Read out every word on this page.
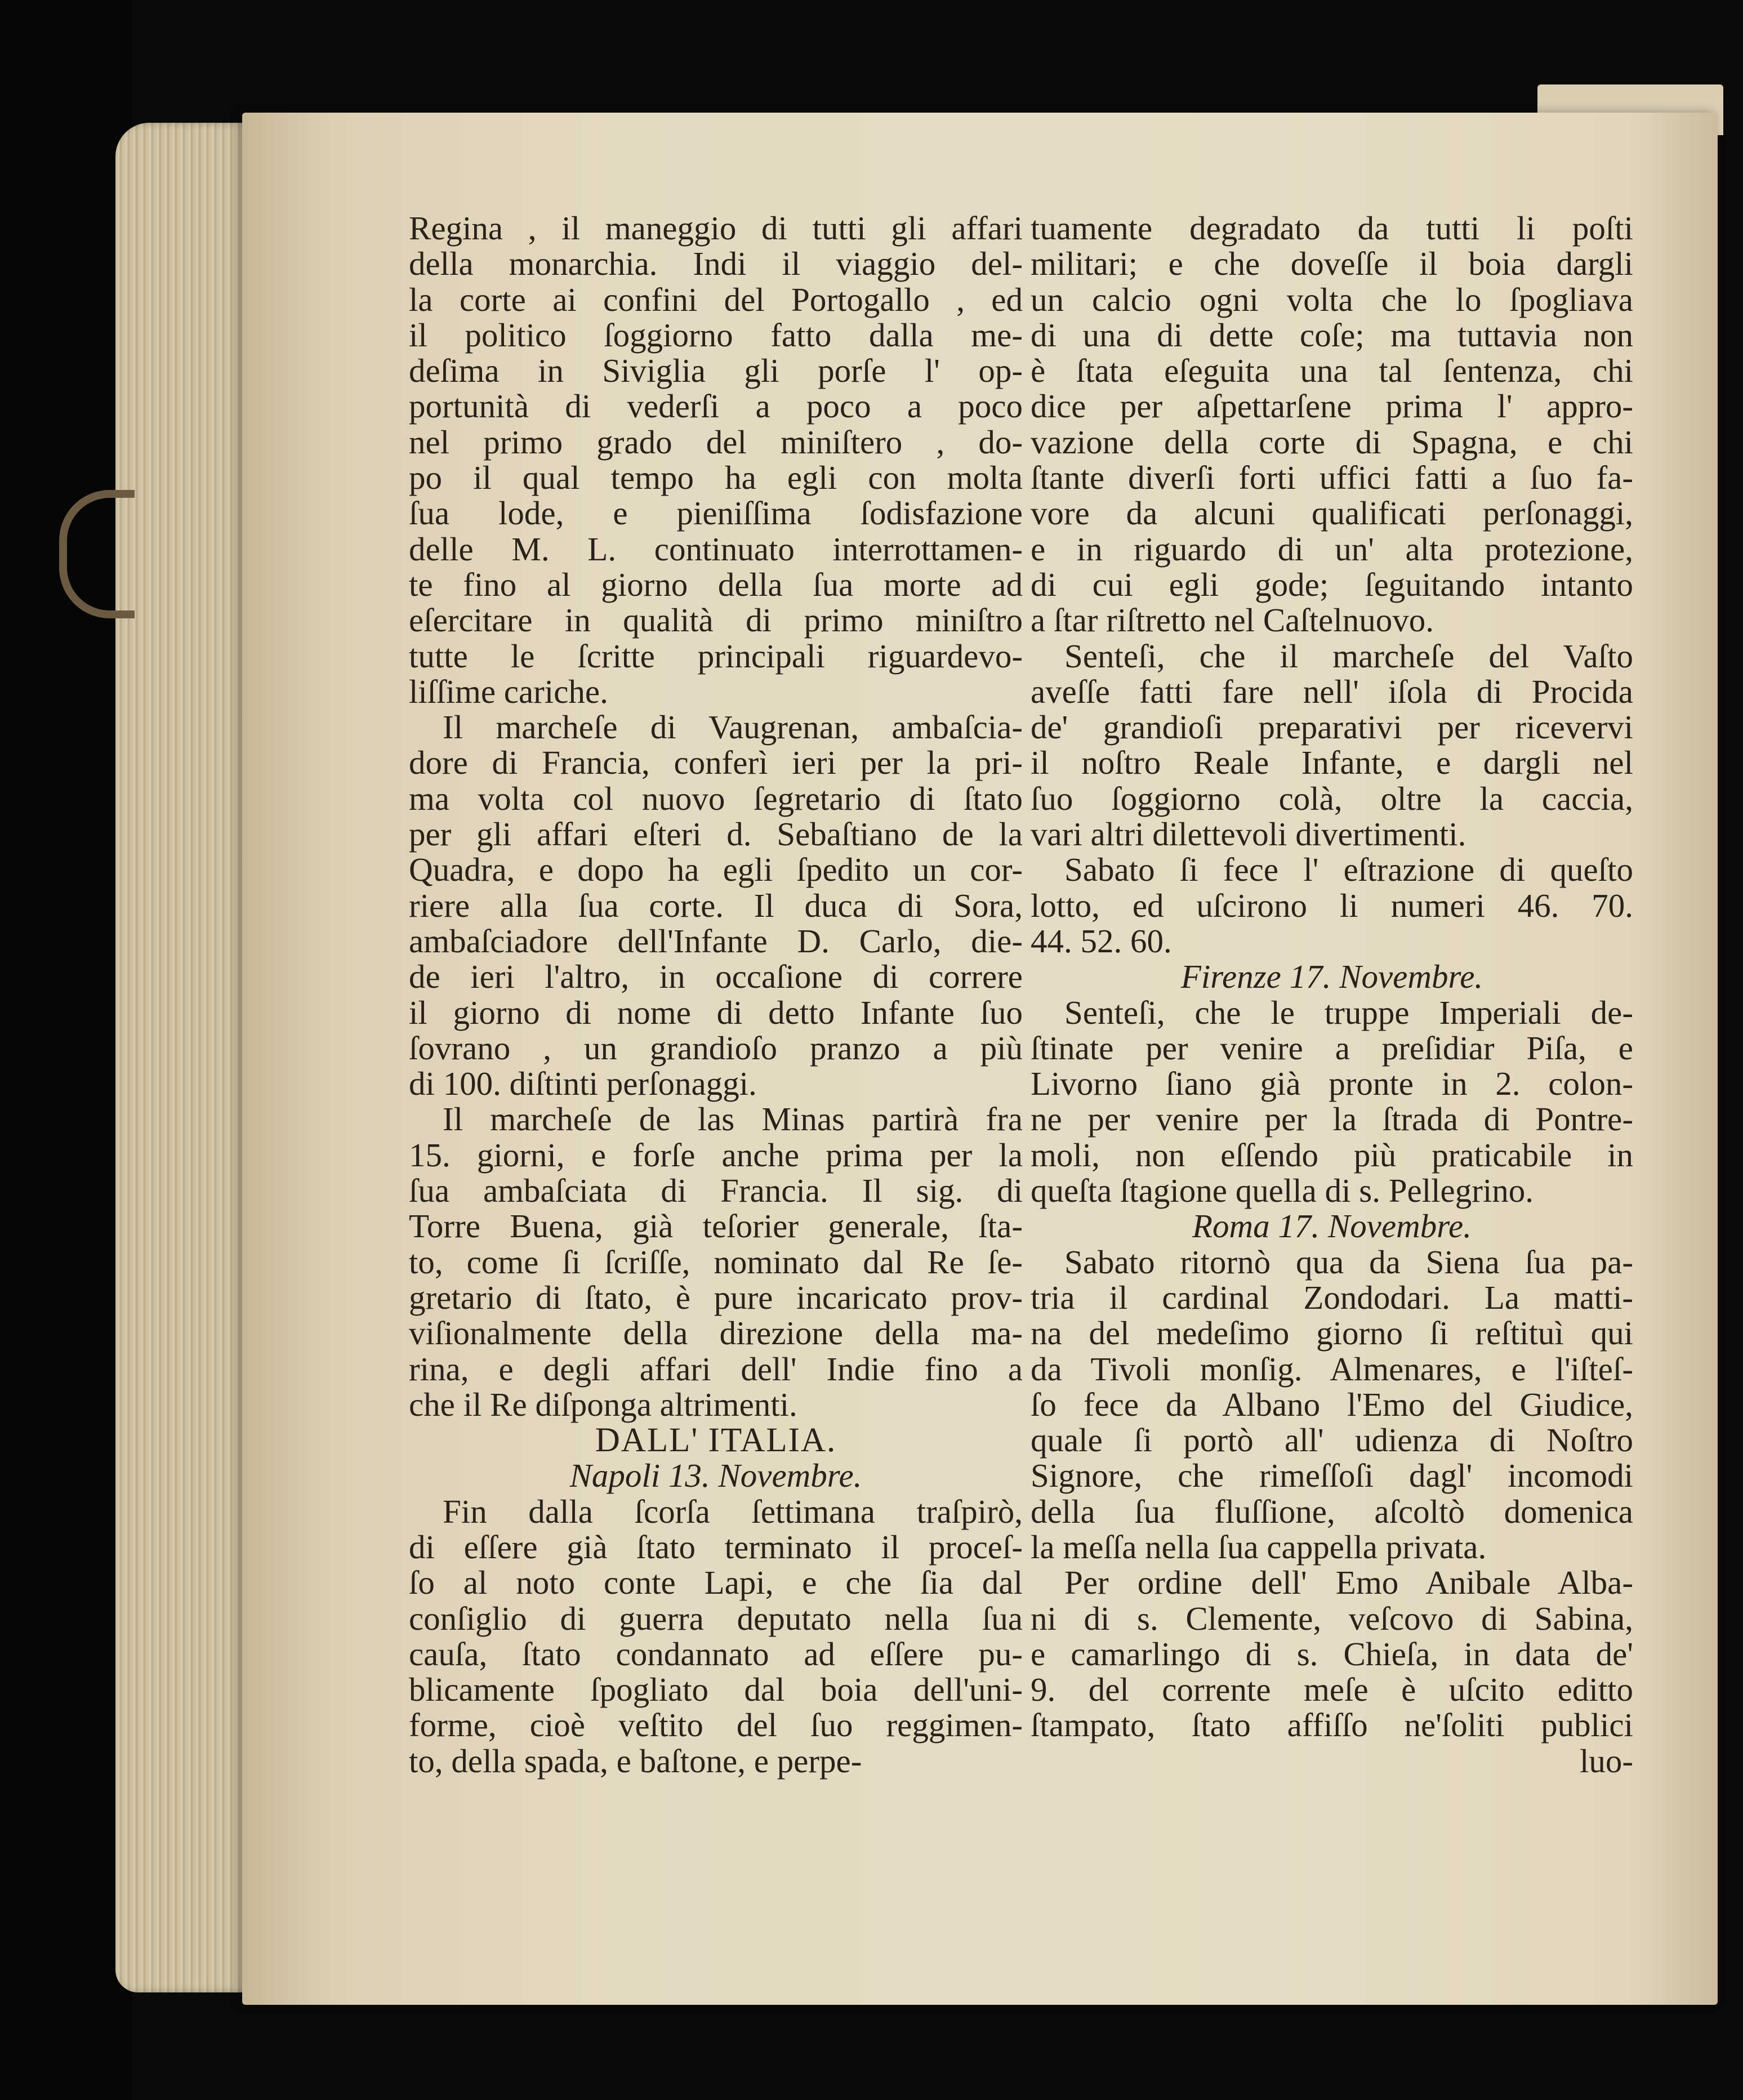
Regina , il maneggio di tutti gli affari
della monarchia. Indi il viaggio del-
la corte ai confini del Portogallo , ed
il politico ſoggiorno fatto dalla me-
deſima in Siviglia gli porſe l' op-
portunità di vederſi a poco a poco
nel primo grado del miniſtero , do-
po il qual tempo ha egli con molta
ſua lode, e pieniſſima ſodisfazione
delle M. L. continuato interrottamen-
te fino al giorno della ſua morte ad
eſercitare in qualità di primo miniſtro
tutte le ſcritte principali riguardevo-
liſſime cariche.
Il marcheſe di Vaugrenan, ambaſcia-
dore di Francia, conferì ieri per la pri-
ma volta col nuovo ſegretario di ſtato
per gli affari eſteri d. Sebaſtiano de la
Quadra, e dopo ha egli ſpedito un cor-
riere alla ſua corte. Il duca di Sora,
ambaſciadore dell'Infante D. Carlo, die-
de ieri l'altro, in occaſione di correre
il giorno di nome di detto Infante ſuo
ſovrano , un grandioſo pranzo a più
di 100. diſtinti perſonaggi.
Il marcheſe de las Minas partirà fra
15. giorni, e forſe anche prima per la
ſua ambaſciata di Francia. Il sig. di
Torre Buena, già teſorier generale, ſta-
to, come ſi ſcriſſe, nominato dal Re ſe-
gretario di ſtato, è pure incaricato prov-
viſionalmente della direzione della ma-
rina, e degli affari dell' Indie fino a
che il Re diſponga altrimenti.
DALL' ITALIA.
Napoli 13. Novembre.
Fin dalla ſcorſa ſettimana traſpirò,
di eſſere già ſtato terminato il proceſ-
ſo al noto conte Lapi, e che ſia dal
conſiglio di guerra deputato nella ſua
cauſa, ſtato condannato ad eſſere pu-
blicamente ſpogliato dal boia dell'uni-
forme, cioè veſtito del ſuo reggimen-
to, della spada, e baſtone, e perpe-
tuamente degradato da tutti li poſti
militari; e che doveſſe il boia dargli
un calcio ogni volta che lo ſpogliava
di una di dette coſe; ma tuttavia non
è ſtata eſeguita una tal ſentenza, chi
dice per aſpettarſene prima l' appro-
vazione della corte di Spagna, e chi
ſtante diverſi forti uffici fatti a ſuo fa-
vore da alcuni qualificati perſonaggi,
e in riguardo di un' alta protezione,
di cui egli gode; ſeguitando intanto
a ſtar riſtretto nel Caſtelnuovo.
Senteſi, che il marcheſe del Vaſto
aveſſe fatti fare nell' iſola di Procida
de' grandioſi preparativi per ricevervi
il noſtro Reale Infante, e dargli nel
ſuo ſoggiorno colà, oltre la caccia,
vari altri dilettevoli divertimenti.
Sabato ſi fece l' eſtrazione di queſto
lotto, ed uſcirono li numeri 46. 70.
44. 52. 60.
Firenze 17. Novembre.
Senteſi, che le truppe Imperiali de-
ſtinate per venire a preſidiar Piſa, e
Livorno ſiano già pronte in 2. colon-
ne per venire per la ſtrada di Pontre-
moli, non eſſendo più praticabile in
queſta ſtagione quella di s. Pellegrino.
Roma 17. Novembre.
Sabato ritornò qua da Siena ſua pa-
tria il cardinal Zondodari. La matti-
na del medeſimo giorno ſi reſtituì qui
da Tivoli monſig. Almenares, e l'iſteſ-
ſo fece da Albano l'Emo del Giudice,
quale ſi portò all' udienza di Noſtro
Signore, che rimeſſoſi dagl' incomodi
della ſua fluſſione, aſcoltò domenica
la meſſa nella ſua cappella privata.
Per ordine dell' Emo Anibale Alba-
ni di s. Clemente, veſcovo di Sabina,
e camarlingo di s. Chieſa, in data de'
9. del corrente meſe è uſcito editto
ſtampato, ſtato affiſſo ne'ſoliti publici
luo-
